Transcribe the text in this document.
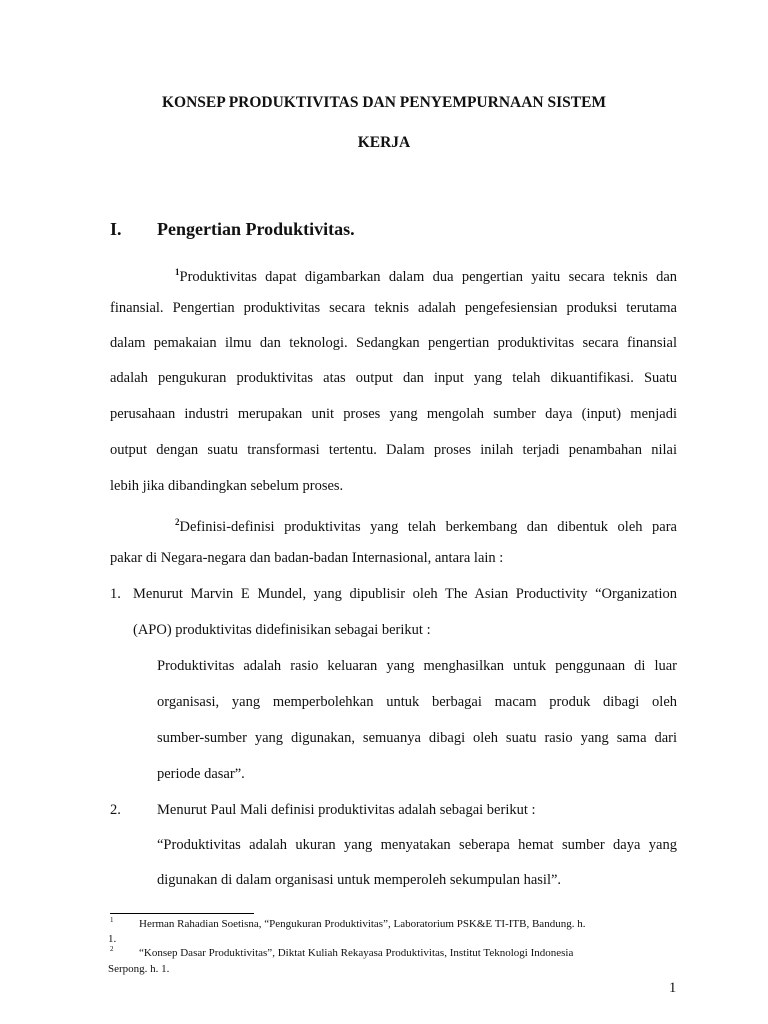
KONSEP PRODUKTIVITAS DAN PENYEMPURNAAN SISTEM
KERJA
I. Pengertian Produktivitas.
$^1$Produktivitas dapat digambarkan dalam dua pengertian yaitu secara teknis dan
finansial. Pengertian produktivitas secara teknis adalah pengefesiensian produksi terutama
dalam pemakaian ilmu dan teknologi. Sedangkan pengertian produktivitas secara finansial
adalah pengukuran produktivitas atas output dan input yang telah dikuantifikasi. Suatu
perusahaan industri merupakan unit proses yang mengolah sumber daya (input) menjadi
output dengan suatu transformasi tertentu. Dalam proses inilah terjadi penambahan nilai
lebih jika dibandingkan sebelum proses.
$^2$Definisi-definisi produktivitas yang telah berkembang dan dibentuk oleh para
pakar di Negara-negara dan badan-badan Internasional, antara lain :
1. Menurut Marvin E Mundel, yang dipublisir oleh The Asian Productivity “Organization
(APO) produktivitas didefinisikan sebagai berikut :
Produktivitas adalah rasio keluaran yang menghasilkan untuk penggunaan di luar
organisasi, yang memperbolehkan untuk berbagai macam produk dibagi oleh
sumber-sumber yang digunakan, semuanya dibagi oleh suatu rasio yang sama dari
periode dasar”.
2. Menurut Paul Mali definisi produktivitas adalah sebagai berikut :
“Produktivitas adalah ukuran yang menyatakan seberapa hemat sumber daya yang
digunakan di dalam organisasi untuk memperoleh sekumpulan hasil”.
$^1$ Herman Rahadian Soetisna, “Pengukuran Produktivitas”, Laboratorium PSK&E TI-ITB, Bandung. h.
1.
$^2$ “Konsep Dasar Produktivitas”, Diktat Kuliah Rekayasa Produktivitas, Institut Teknologi Indonesia
Serpong. h. 1.
1
